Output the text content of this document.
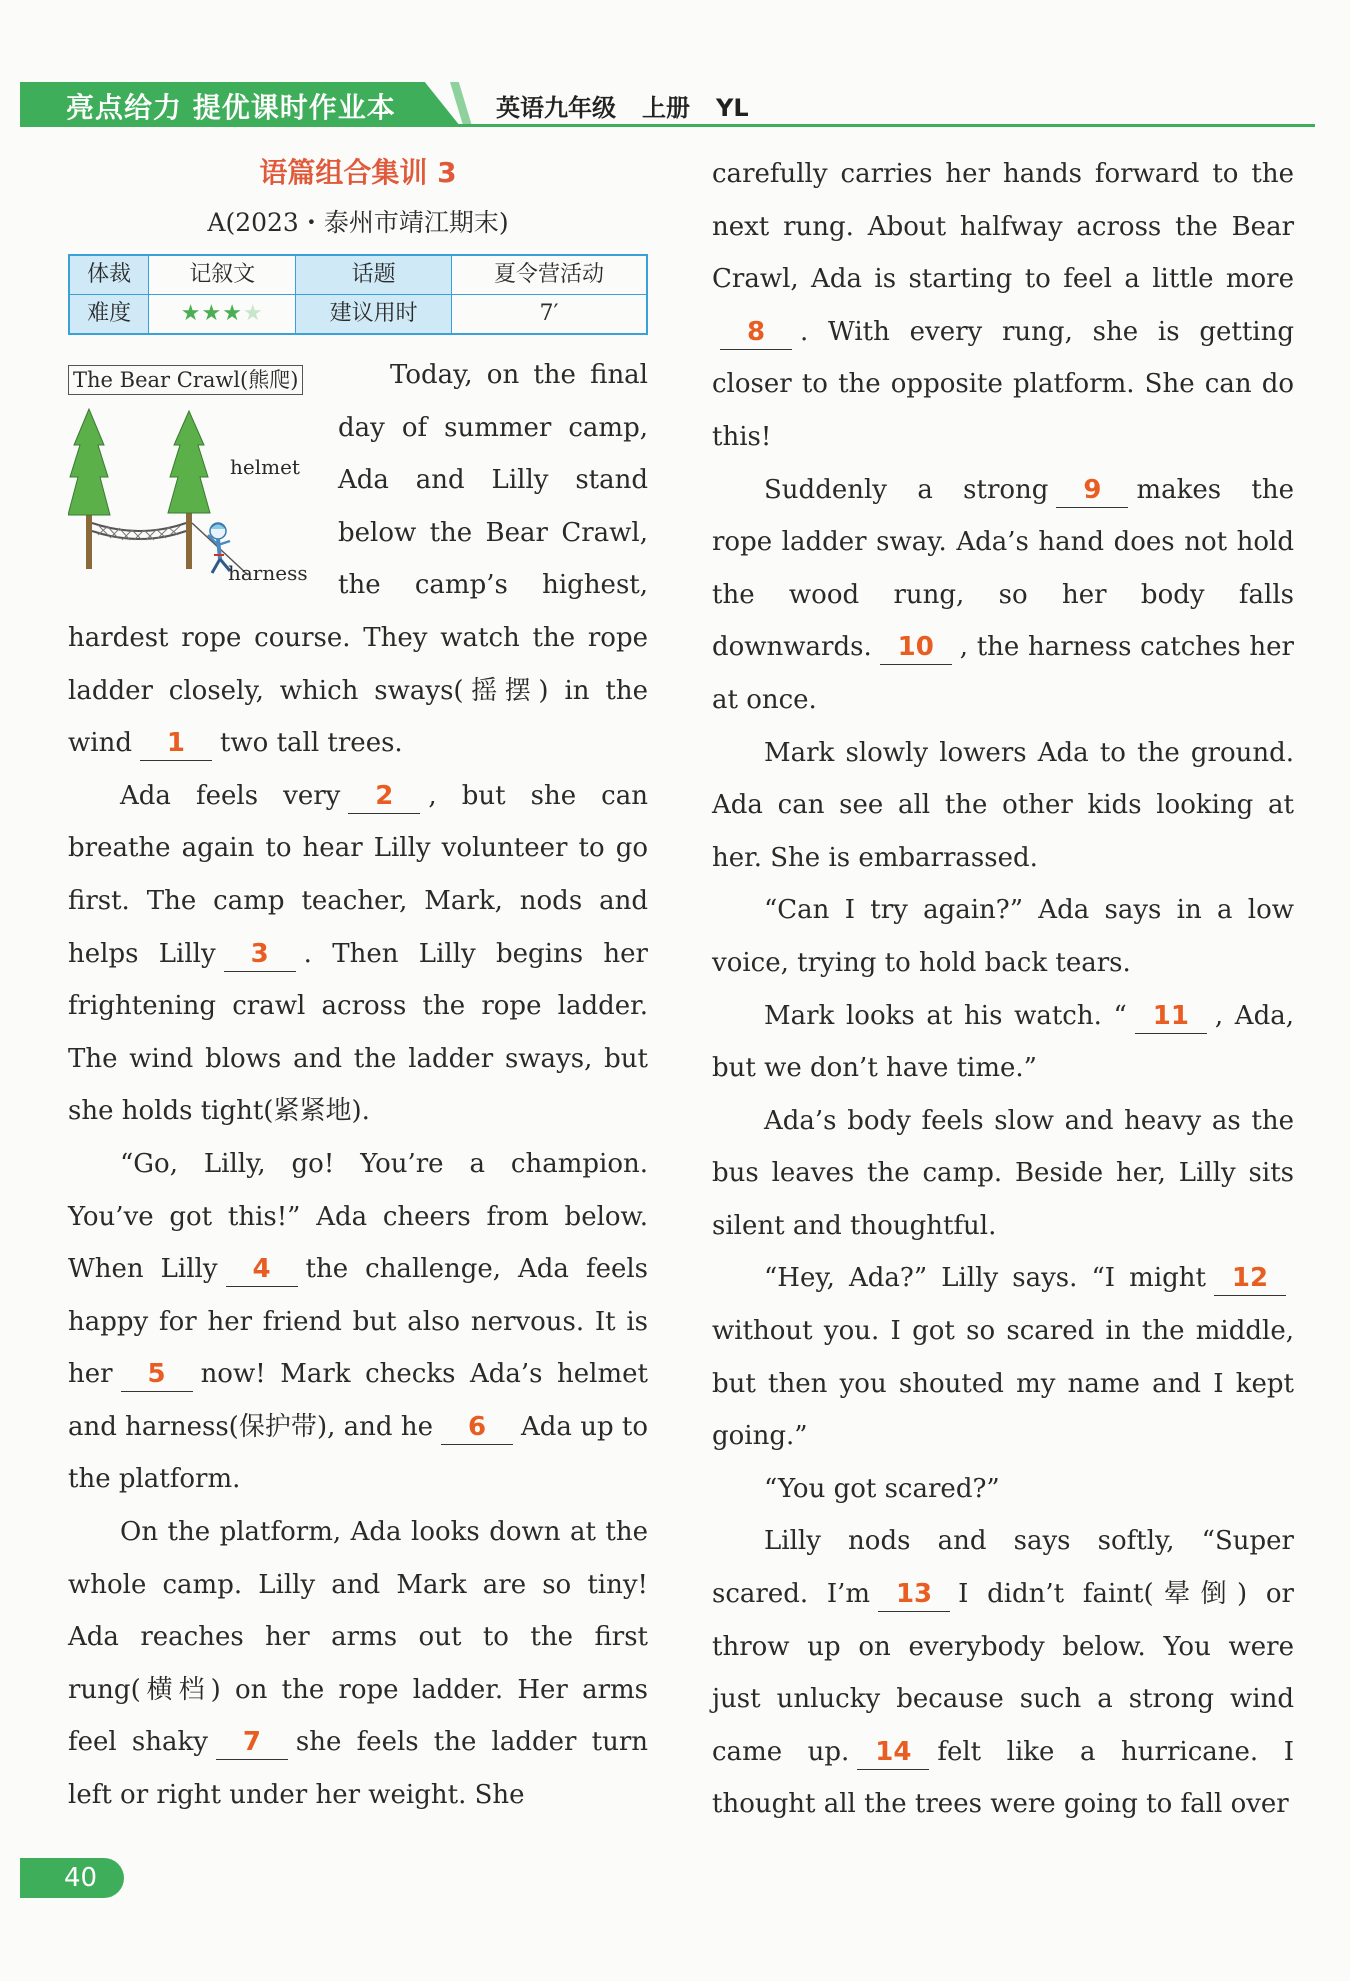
亮点给力 提优课时作业本	英语九年级 上册 YL
语篇组合集训 3
A(2023・泰州市靖江期末)
体裁	记叙文	话题	夏令营活动
难度	★★★★	建议用时	7′
The Bear Crawl(熊爬)
helmet
harness

Today, on the final day of summer camp, Ada and Lilly stand below the Bear Crawl, the camp’s highest, hardest rope course. They watch the rope ladder closely, which sways(摇摆) in the wind 1 two tall trees.

Ada feels very 2 , but she can breathe again to hear Lilly volunteer to go first. The camp teacher, Mark, nods and helps Lilly 3 . Then Lilly begins her frightening crawl across the rope ladder. The wind blows and the ladder sways, but she holds tight(紧紧地).

“Go, Lilly, go! You’re a champion. You’ve got this!” Ada cheers from below. When Lilly 4 the challenge, Ada feels happy for her friend but also nervous. It is her 5 now! Mark checks Ada’s helmet and harness(保护带), and he 6 Ada up to the platform.

On the platform, Ada looks down at the whole camp. Lilly and Mark are so tiny! Ada reaches her arms out to the first rung(横档) on the rope ladder. Her arms feel shaky 7 she feels the ladder turn left or right under her weight. She

carefully carries her hands forward to the next rung. About halfway across the Bear Crawl, Ada is starting to feel a little more8 . With every rung, she is getting closer to the opposite platform. She can do this!

Suddenly a strong 9 makes the rope ladder sway. Ada’s hand does not hold the wood rung, so her body falls downwards. 10 , the harness catches her at once.

Mark slowly lowers Ada to the ground. Ada can see all the other kids looking at her. She is embarrassed.

“Can I try again?” Ada says in a low voice, trying to hold back tears.

Mark looks at his watch. “ 11 , Ada, but we don’t have time.”

Ada’s body feels slow and heavy as the bus leaves the camp. Beside her, Lilly sits silent and thoughtful.

“Hey, Ada?” Lilly says. “I might 12without you. I got so scared in the middle, but then you shouted my name and I kept going.”

“You got scared?”

Lilly nods and says softly, “Super scared. I’m 13 I didn’t faint(晕倒) or throw up on everybody below. You were just unlucky because such a strong wind came up. 14 felt like a hurricane. I thought all the trees were going to fall over

40
